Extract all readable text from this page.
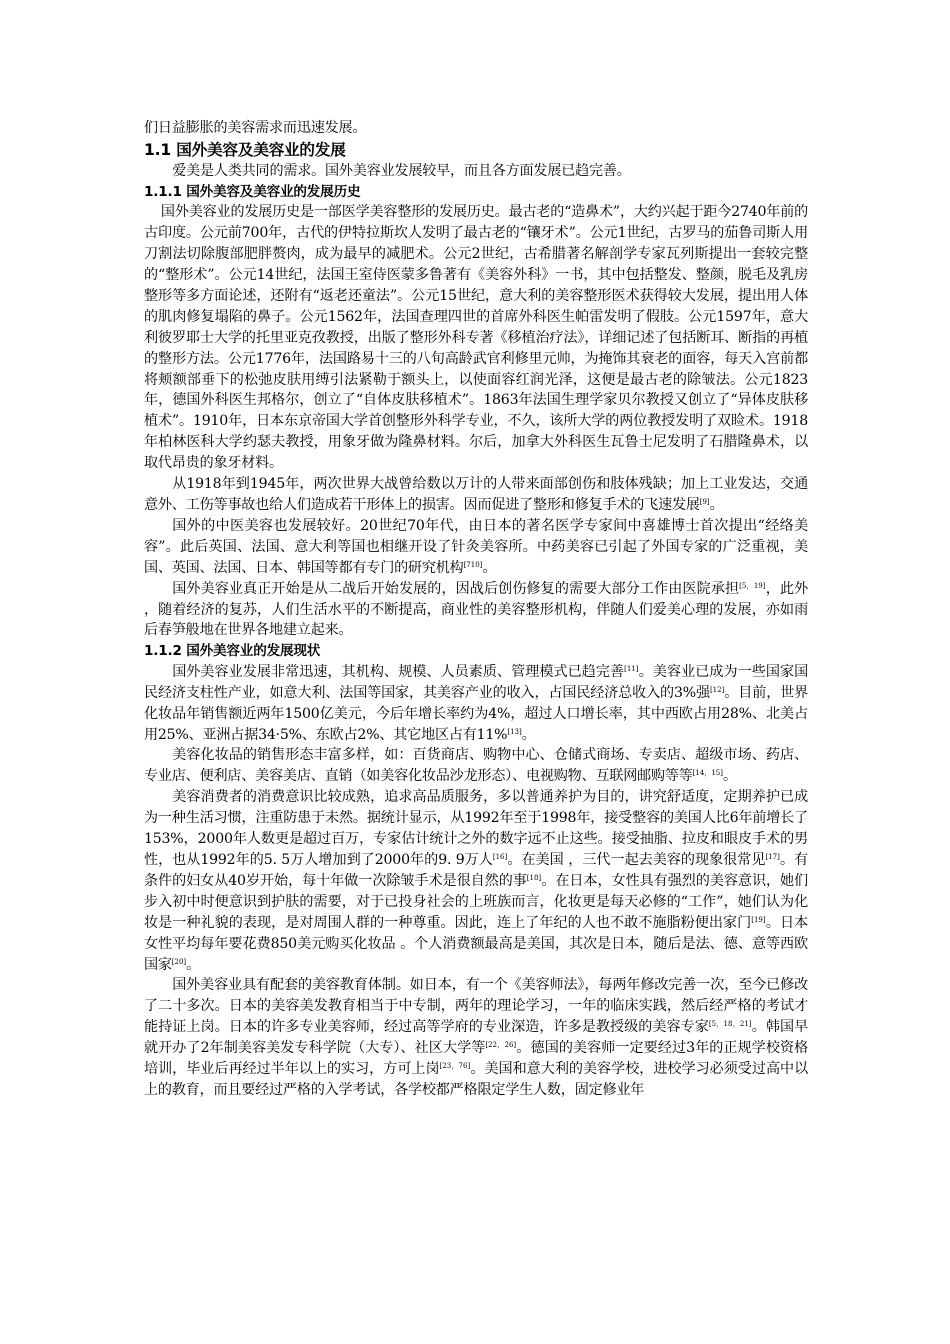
们日益膨胀的美容需求而迅速发展。

1.1 国外美容及美容业的发展

爱美是人类共同的需求。国外美容业发展较早，而且各方面发展已趋完善。

1.1.1 国外美容及美容业的发展历史

国外美容业的发展历史是一部医学美容整形的发展历史。最古老的“造鼻术”，大约兴起于距今2740年前的古印度。公元前700年，古代的伊特拉斯坎人发明了最古老的“镶牙术”。公元1世纪，古罗马的茄鲁司斯人用刀割法切除腹部肥胖赘肉，成为最早的减肥术。公元2世纪，古希腊著名解剖学专家瓦列斯提出一套较完整的“整形术”。公元14世纪，法国王室侍医蒙多鲁著有《美容外科》一书，其中包括整发、整颜，脱毛及乳房整形等多方面论述，还附有“返老还童法”。公元15世纪，意大利的美容整形医术获得较大发展，提出用人体的肌肉修复塌陷的鼻子。公元1562年，法国查理四世的首席外科医生帕雷发明了假肢。公元1597年，意大利彼罗耶士大学的托里亚克孜教授，出版了整形外科专著《移植治疗法》，详细记述了包括断耳、断指的再植的整形方法。公元1776年，法国路易十三的八旬高龄武官利修里元帅，为掩饰其衰老的面容，每天入宫前都将颊额部垂下的松弛皮肤用缚引法紧勒于额头上，以使面容红润光泽，这便是最古老的除皱法。公元1823年，德国外科医生邦格尔，创立了“自体皮肤移植术”。1863年法国生理学家贝尔教授又创立了“异体皮肤移植术”。1910年，日本东京帝国大学首创整形外科学专业，不久，该所大学的两位教授发明了双睑术。1918年柏林医科大学约瑟夫教授，用象牙做为隆鼻材料。尔后，加拿大外科医生瓦鲁士尼发明了石腊隆鼻术，以取代昂贵的象牙材料。

从1918年到1945年，两次世界大战曾给数以万计的人带来面部创伤和肢体残缺；加上工业发达，交通意外、工伤等事故也给人们造成若干形体上的损害。因而促进了整形和修复手术的飞速发展[9]。

国外的中医美容也发展较好。20世纪70年代，由日本的著名医学专家间中喜雄博士首次提出“经络美容”。此后英国、法国、意大利等国也相继开设了针灸美容所。中药美容已引起了外国专家的广泛重视，美国、英国、法国、日本、韩国等都有专门的研究机构[710]。

国外美容业真正开始是从二战后开始发展的，因战后创伤修复的需要大部分工作由医院承担[5，19]，此外 ，随着经济的复苏，人们生活水平的不断提高，商业性的美容整形机构，伴随人们爱美心理的发展，亦如雨后春笋般地在世界各地建立起来。

1.1.2 国外美容业的发展现状

国外美容业发展非常迅速，其机构、规模、人员素质、管理模式已趋完善[11]。美容业已成为一些国家国民经济支柱性产业，如意大利、法国等国家，其美容产业的收入，占国民经济总收入的3%强[12]。目前，世界化妆品年销售额近两年1500亿美元，今后年增长率约为4%，超过人口增长率，其中西欧占用28%、北美占用25%、亚洲占据34·5%、东欧占2%、其它地区占有11%[13]。

美容化妆品的销售形态丰富多样，如：百货商店、购物中心、仓储式商场、专卖店、超级市场、药店、专业店、便利店、美容美店、直销（如美容化妆品沙龙形态）、电视购物、互联网邮购等等[14，15]。

美容消费者的消费意识比较成熟，追求高品质服务，多以普通养护为目的，讲究舒适度，定期养护已成为一种生活习惯，注重防患于未然。据统计显示，从1992年至于1998年，接受整容的美国人比6年前增长了153%，2000年人数更是超过百万，专家估计统计之外的数字远不止这些。接受抽脂、拉皮和眼皮手术的男性，也从1992年的5. 5万人增加到了2000年的9. 9万人[16]。在美国 ，三代一起去美容的现象很常见[17]。有条件的妇女从40岁开始，每十年做一次除皱手术是很自然的事[18]。在日本，女性具有强烈的美容意识，她们步入初中时便意识到护肤的需要，对于已投身社会的上班族而言，化妆更是每天必修的“工作”，她们认为化妆是一种礼貌的表现，是对周围人群的一种尊重。因此，连上了年纪的人也不敢不施脂粉便出家门[19]。日本女性平均每年要花费850美元购买化妆品 。个人消费额最高是美国，其次是日本，随后是法、德、意等西欧国家[20]。

国外美容业具有配套的美容教育体制。如日本，有一个《美容师法》，每两年修改完善一次，至今已修改了二十多次。日本的美容美发教育相当于中专制，两年的理论学习，一年的临床实践，然后经严格的考试才能持证上岗。日本的许多专业美容师，经过高等学府的专业深造，许多是教授级的美容专家[5，18，21]。韩国早就开办了2年制美容美发专科学院（大专）、社区大学等[22，26]。德国的美容师一定要经过3年的正规学校资格培训，毕业后再经过半年以上的实习，方可上岗[23，76]。美国和意大利的美容学校，进校学习必须受过高中以上的教育，而且要经过严格的入学考试，各学校都严格限定学生人数，固定修业年
